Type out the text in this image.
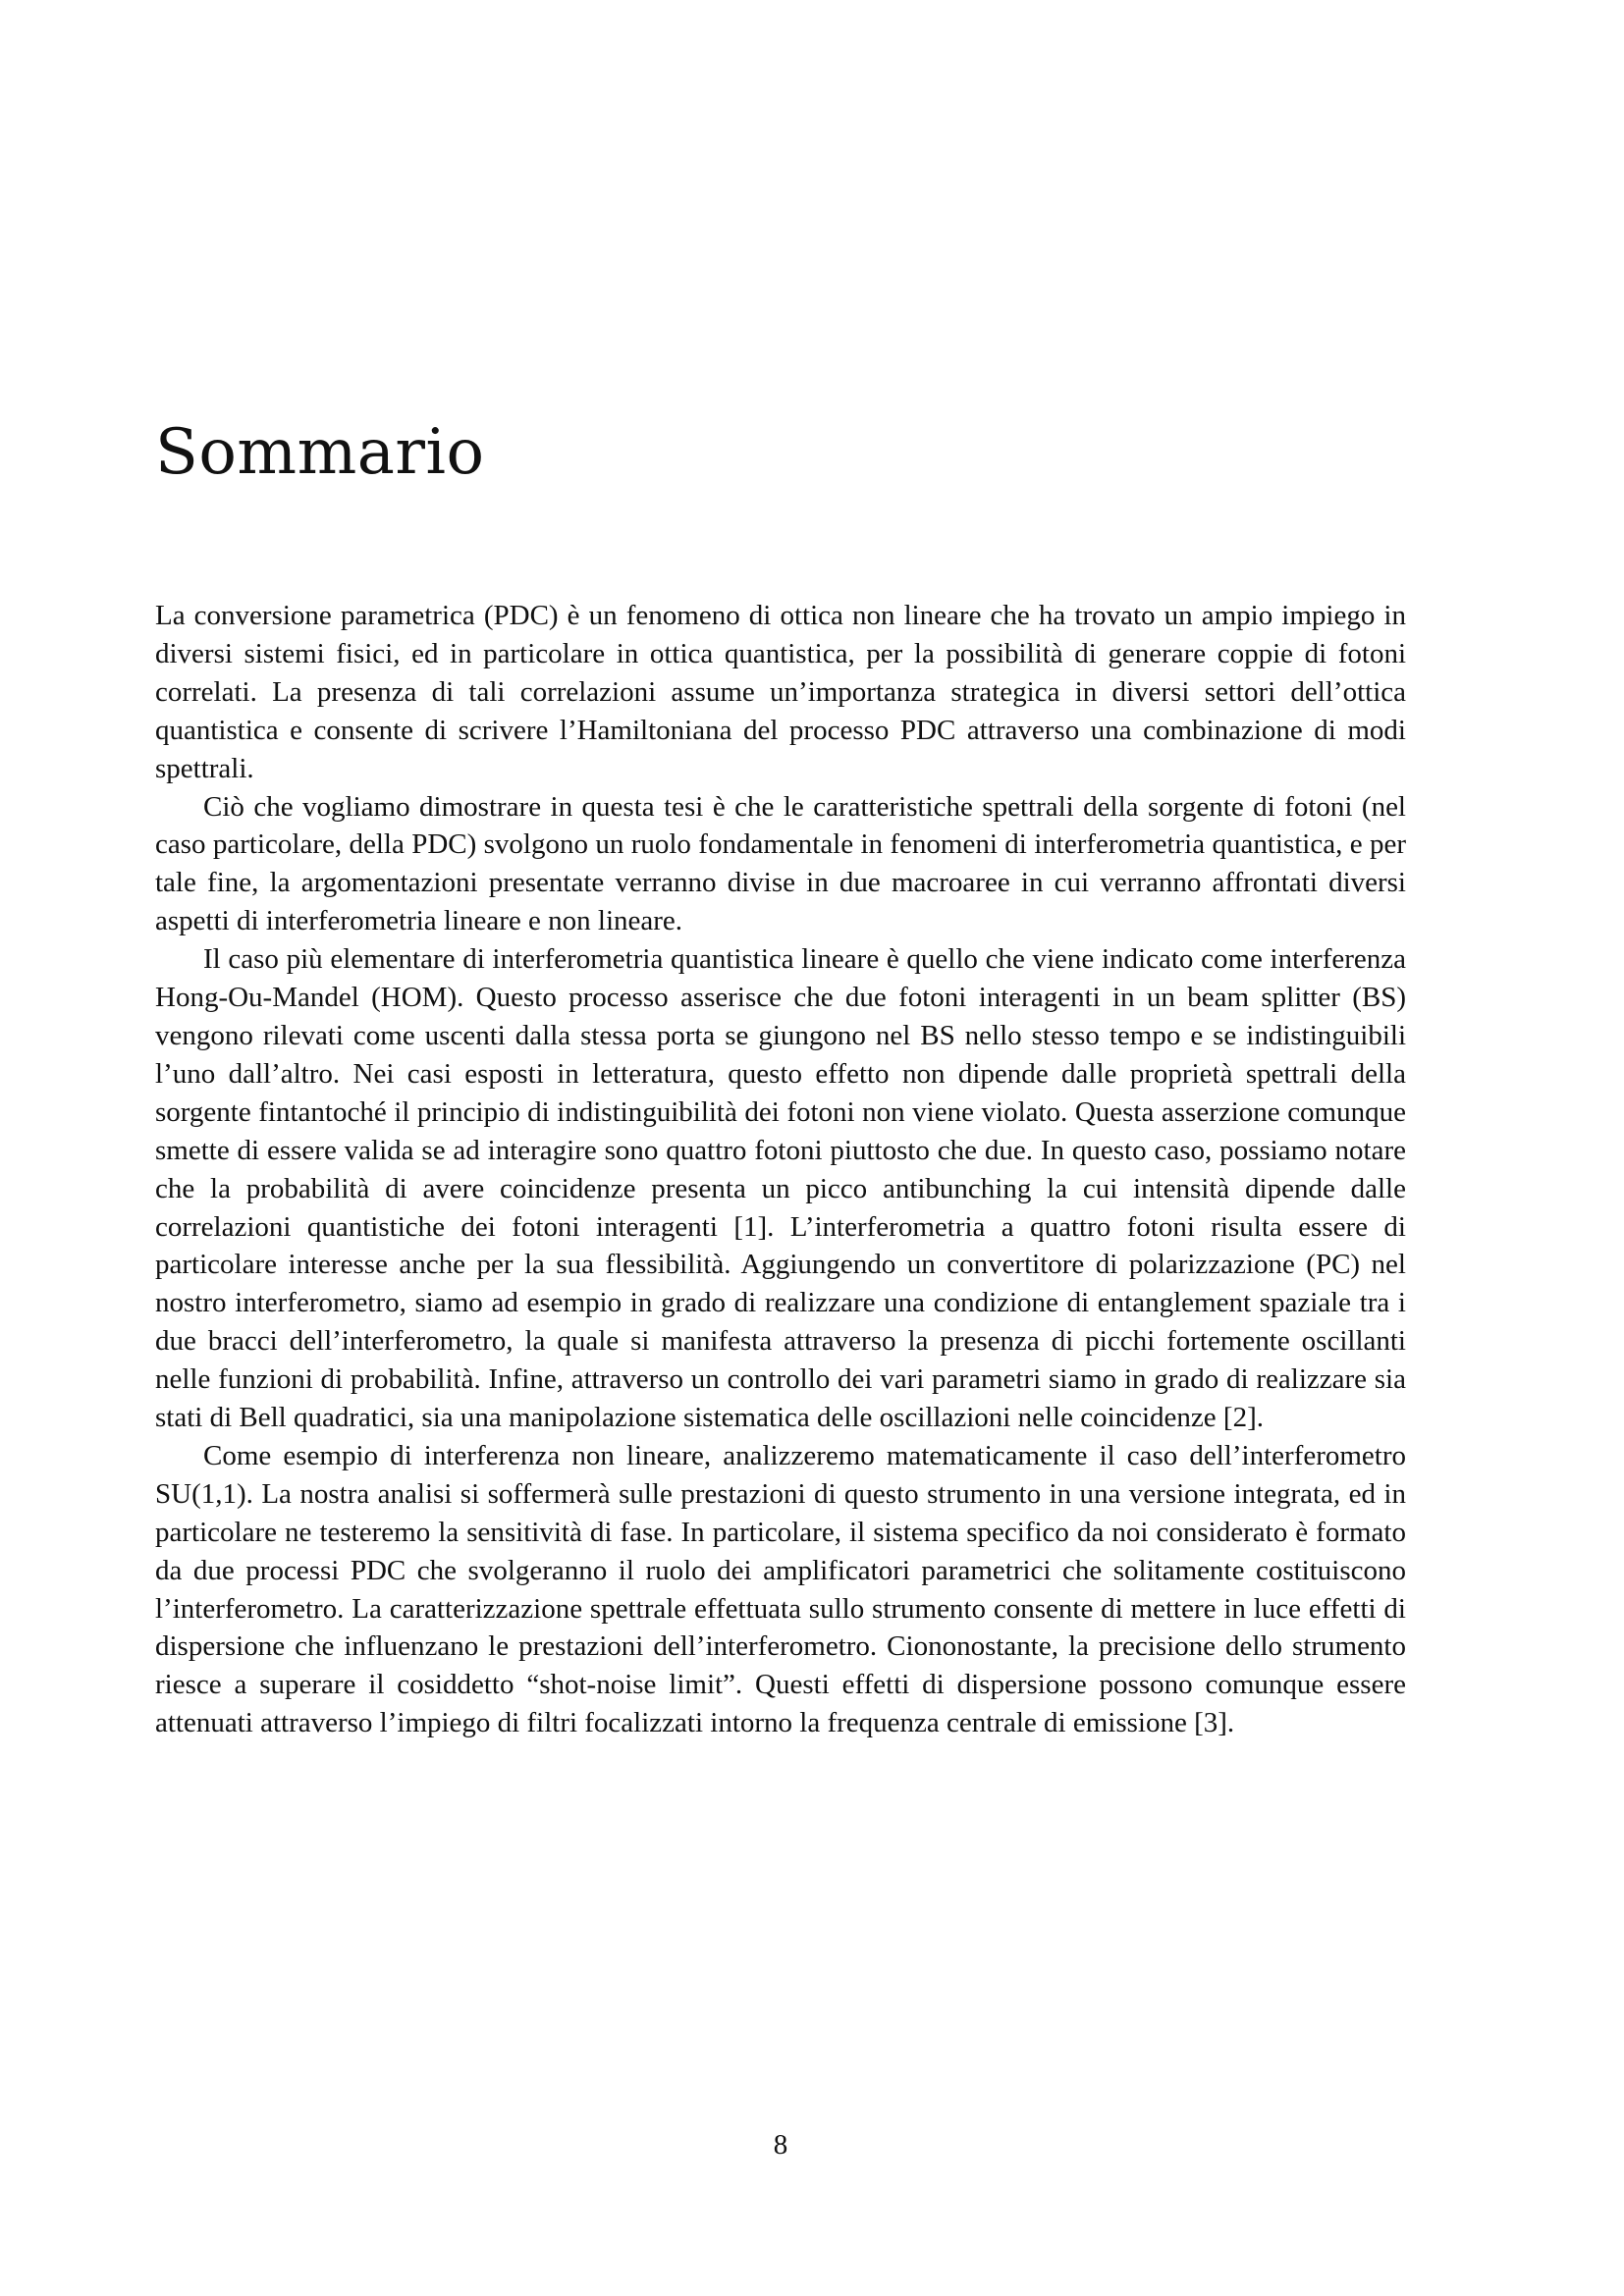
Sommario

La conversione parametrica (PDC) è un fenomeno di ottica non lineare che ha trovato un ampio impiego in diversi sistemi fisici, ed in particolare in ottica quantistica, per la possibilità di generare coppie di fotoni correlati. La presenza di tali correlazioni assume un’importanza strategica in diversi settori dell’ottica quantistica e consente di scrivere l’Hamiltoniana del processo PDC attraverso una combinazione di modi spettrali.

Ciò che vogliamo dimostrare in questa tesi è che le caratteristiche spettrali della sorgente di fotoni (nel caso particolare, della PDC) svolgono un ruolo fondamentale in fenomeni di interferometria quantistica, e per tale fine, la argomentazioni presentate verranno divise in due macroaree in cui verranno affrontati diversi aspetti di interferometria lineare e non lineare.

Il caso più elementare di interferometria quantistica lineare è quello che viene indicato come interferenza Hong-Ou-Mandel (HOM). Questo processo asserisce che due fotoni interagenti in un beam splitter (BS) vengono rilevati come uscenti dalla stessa porta se giungono nel BS nello stesso tempo e se indistinguibili l’uno dall’altro. Nei casi esposti in letteratura, questo effetto non dipende dalle proprietà spettrali della sorgente fintantoché il principio di indistinguibilità dei fotoni non viene violato. Questa asserzione comunque smette di essere valida se ad interagire sono quattro fotoni piuttosto che due. In questo caso, possiamo notare che la probabilità di avere coincidenze presenta un picco antibunching la cui intensità dipende dalle correlazioni quantistiche dei fotoni interagenti [1]. L’interferometria a quattro fotoni risulta essere di particolare interesse anche per la sua flessibilità. Aggiungendo un convertitore di polarizzazione (PC) nel nostro interferometro, siamo ad esempio in grado di realizzare una condizione di entanglement spaziale tra i due bracci dell’interferometro, la quale si manifesta attraverso la presenza di picchi fortemente oscillanti nelle funzioni di probabilità. Infine, attraverso un controllo dei vari parametri siamo in grado di realizzare sia stati di Bell quadratici, sia una manipolazione sistematica delle oscillazioni nelle coincidenze [2].

Come esempio di interferenza non lineare, analizzeremo matematicamente il caso dell’interferometro SU(1,1). La nostra analisi si soffermerà sulle prestazioni di questo strumento in una versione integrata, ed in particolare ne testeremo la sensitività di fase. In particolare, il sistema specifico da noi considerato è formato da due processi PDC che svolgeranno il ruolo dei amplificatori parametrici che solitamente costituiscono l’interferometro. La caratterizzazione spettrale effettuata sullo strumento consente di mettere in luce effetti di dispersione che influenzano le prestazioni dell’interferometro. Ciononostante, la precisione dello strumento riesce a superare il cosiddetto “shot-noise limit”. Questi effetti di dispersione possono comunque essere attenuati attraverso l’impiego di filtri focalizzati intorno la frequenza centrale di emissione [3].

8
